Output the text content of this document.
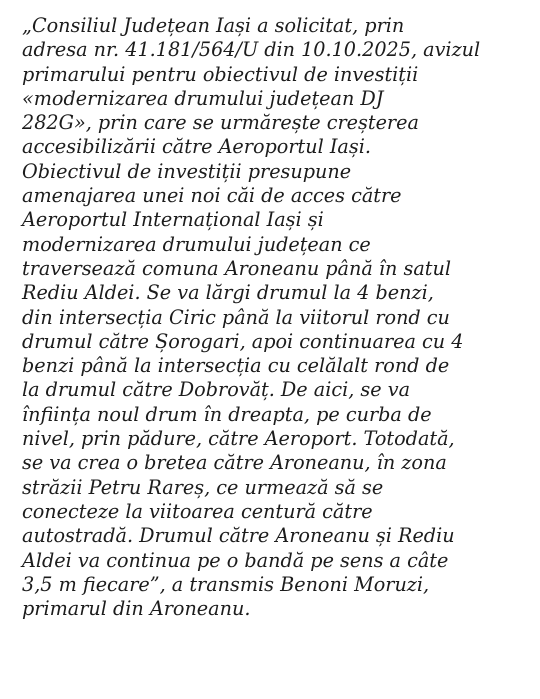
„Consiliul Județean Iași a solicitat, prin
adresa nr. 41.181/564/U din 10.10.2025, avizul
primarului pentru obiectivul de investiții
«modernizarea drumului județean DJ
282G», prin care se urmărește creșterea
accesibilizării către Aeroportul Iași.
Obiectivul de investiții presupune
amenajarea unei noi căi de acces către
Aeroportul Internațional Iași și
modernizarea drumului județean ce
traversează comuna Aroneanu până în satul
Rediu Aldei. Se va lărgi drumul la 4 benzi,
din intersecția Ciric până la viitorul rond cu
drumul către Șorogari, apoi continuarea cu 4
benzi până la intersecția cu celălalt rond de
la drumul către Dobrovăț. De aici, se va
înființa noul drum în dreapta, pe curba de
nivel, prin pădure, către Aeroport. Totodată,
se va crea o bretea către Aroneanu, în zona
străzii Petru Rareș, ce urmează să se
conecteze la viitoarea centură către
autostradă. Drumul către Aroneanu și Rediu
Aldei va continua pe o bandă pe sens a câte
3,5 m fiecare”, a transmis Benoni Moruzi,
primarul din Aroneanu.
